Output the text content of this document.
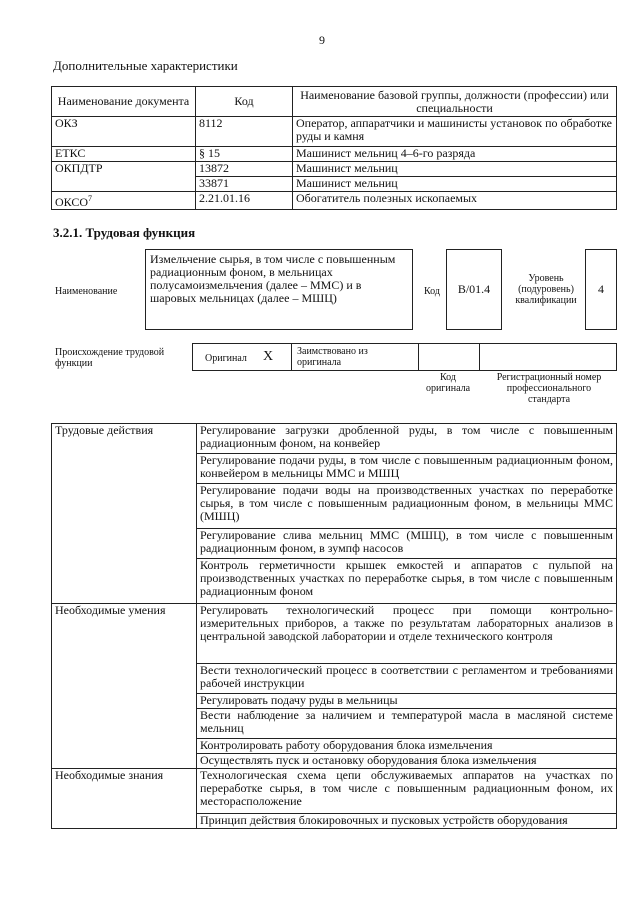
9
Дополнительные характеристики
Наименование документа	Код	Наименование базовой группы, должности (профессии) или специальности
ОКЗ	8112	Оператор, аппаратчики и машинисты установок по обработке руды и камня
ЕТКС	§ 15	Машинист мельниц 4–6-го разряда
ОКПДТР	13872	Машинист мельниц
	33871	Машинист мельниц
ОКСО$^7$	2.21.01.16	Обогатитель полезных ископаемых
3.2.1. Трудовая функция
Наименование
Измельчение сырья, в том числе с повышенным радиационным фоном, в мельницах полусамоизмельчения (далее – ММС) и в шаровых мельницах (далее – МШЦ)	Код В/01.4
Уровень (подуровень) квалификации
4
Происхождение трудовой функции	Оригинал X Заимствовано из оригинала
Код оригинала
Регистрационный номер профессионального стандарта
Трудовые действия	Регулирование загрузки дробленной руды, в том числе с повышенным радиационным фоном, на конвейер
	Регулирование подачи руды, в том числе с повышенным радиационным фоном, конвейером в мельницы ММС и МШЦ
	Регулирование подачи воды на производственных участках по переработке сырья, в том числе с повышенным радиационным фоном, в мельницы ММС (МШЦ)
	Регулирование слива мельниц ММС (МШЦ), в том числе с повышенным радиационным фоном, в зумпф насосов
	Контроль герметичности крышек емкостей и аппаратов с пульпой на производственных участках по переработке сырья, в том числе с повышенным радиационным фоном
Необходимые умения	Регулировать технологический процесс при помощи контрольно-измерительных приборов, а также по результатам лабораторных анализов в центральной заводской лаборатории и отделе технического контроля
	Вести технологический процесс в соответствии с регламентом и требованиями рабочей инструкции
	Регулировать подачу руды в мельницы
	Вести наблюдение за наличием и температурой масла в масляной системе мельниц
	Контролировать работу оборудования блока измельчения
	Осуществлять пуск и остановку оборудования блока измельчения
Необходимые знания	Технологическая схема цепи обслуживаемых аппаратов на участках по переработке сырья, в том числе с повышенным радиационным фоном, их месторасположение
	Принцип действия блокировочных и пусковых устройств оборудования
